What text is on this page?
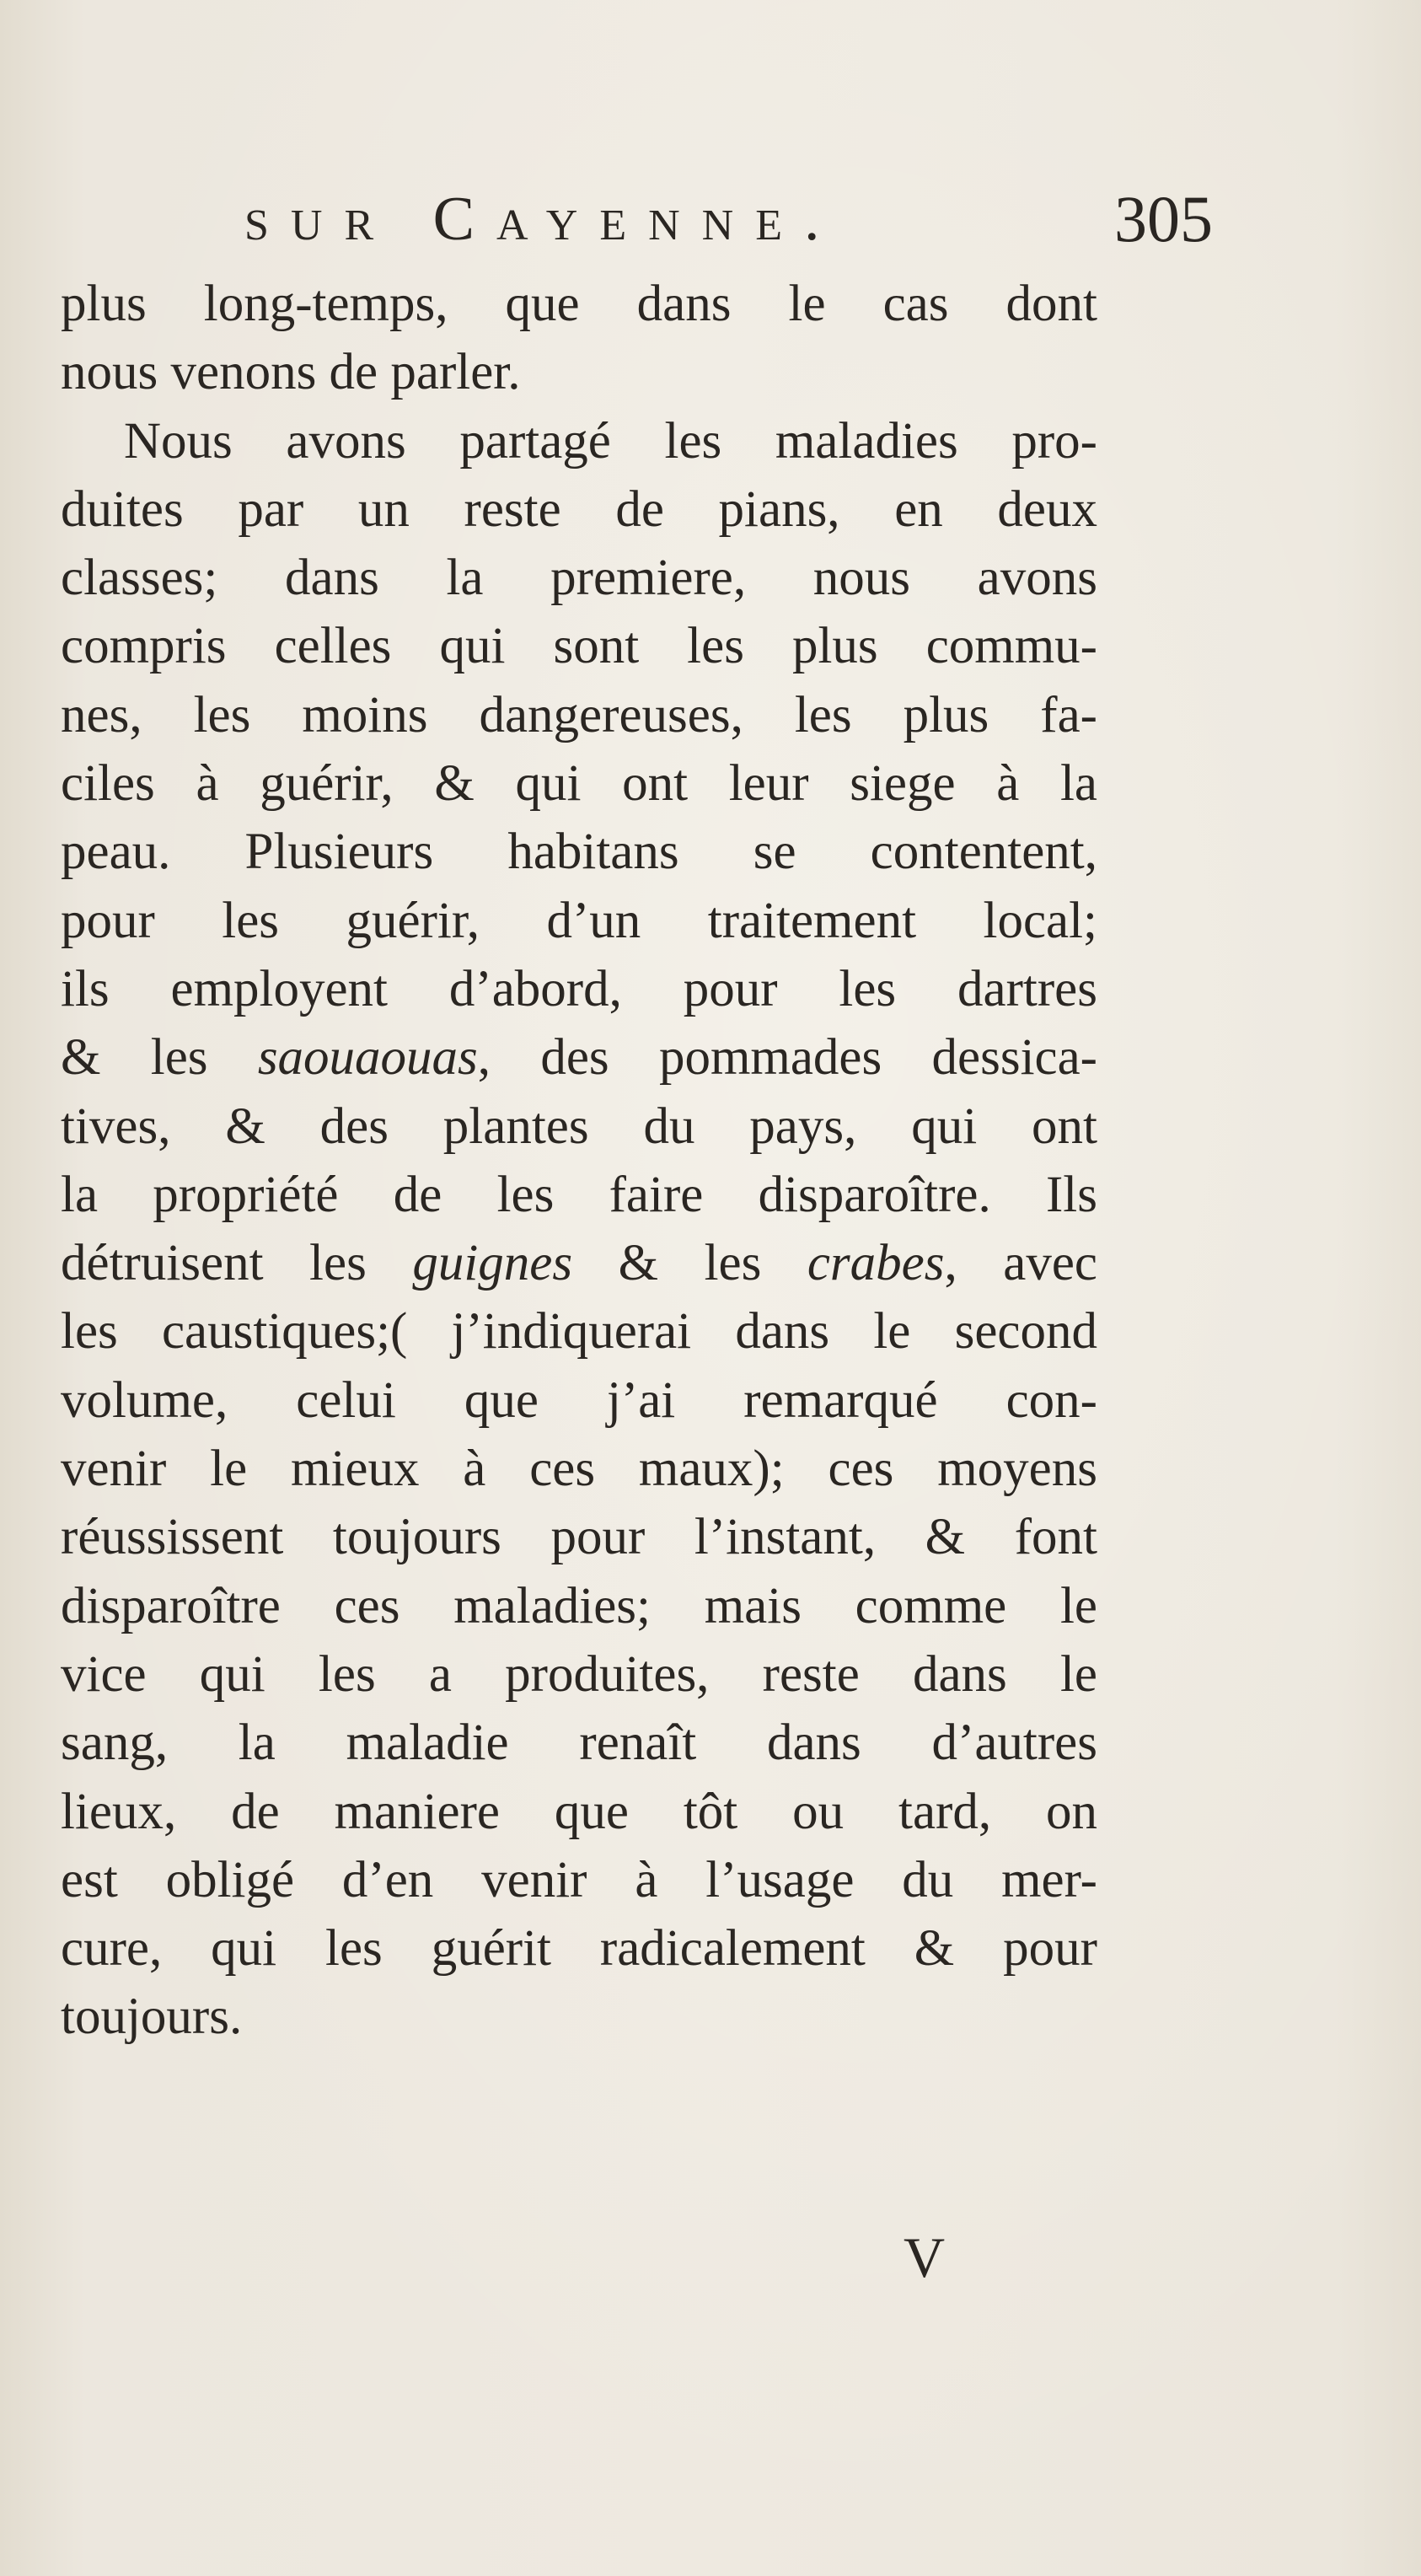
sur Cayenne.	305
plus long-temps, que dans le cas dont
nous venons de parler.
Nous avons partagé les maladies pro-
duites par un reste de pians, en deux
classes; dans la premiere, nous avons
compris celles qui sont les plus commu-
nes, les moins dangereuses, les plus fa-
ciles à guérir, & qui ont leur siege à la
peau. Plusieurs habitans se contentent,
pour les guérir, d’un traitement local;
ils employent d’abord, pour les dartres
& les saouaouas, des pommades dessica-
tives, & des plantes du pays, qui ont
la propriété de les faire disparoître. Ils
détruisent les guignes & les crabes, avec
les caustiques;( j’indiquerai dans le second
volume, celui que j’ai remarqué con-
venir le mieux à ces maux); ces moyens
réussissent toujours pour l’instant, & font
disparoître ces maladies; mais comme le
vice qui les a produites, reste dans le
sang, la maladie renaît dans d’autres
lieux, de maniere que tôt ou tard, on
est obligé d’en venir à l’usage du mer-
cure, qui les guérit radicalement & pour
toujours.
V
